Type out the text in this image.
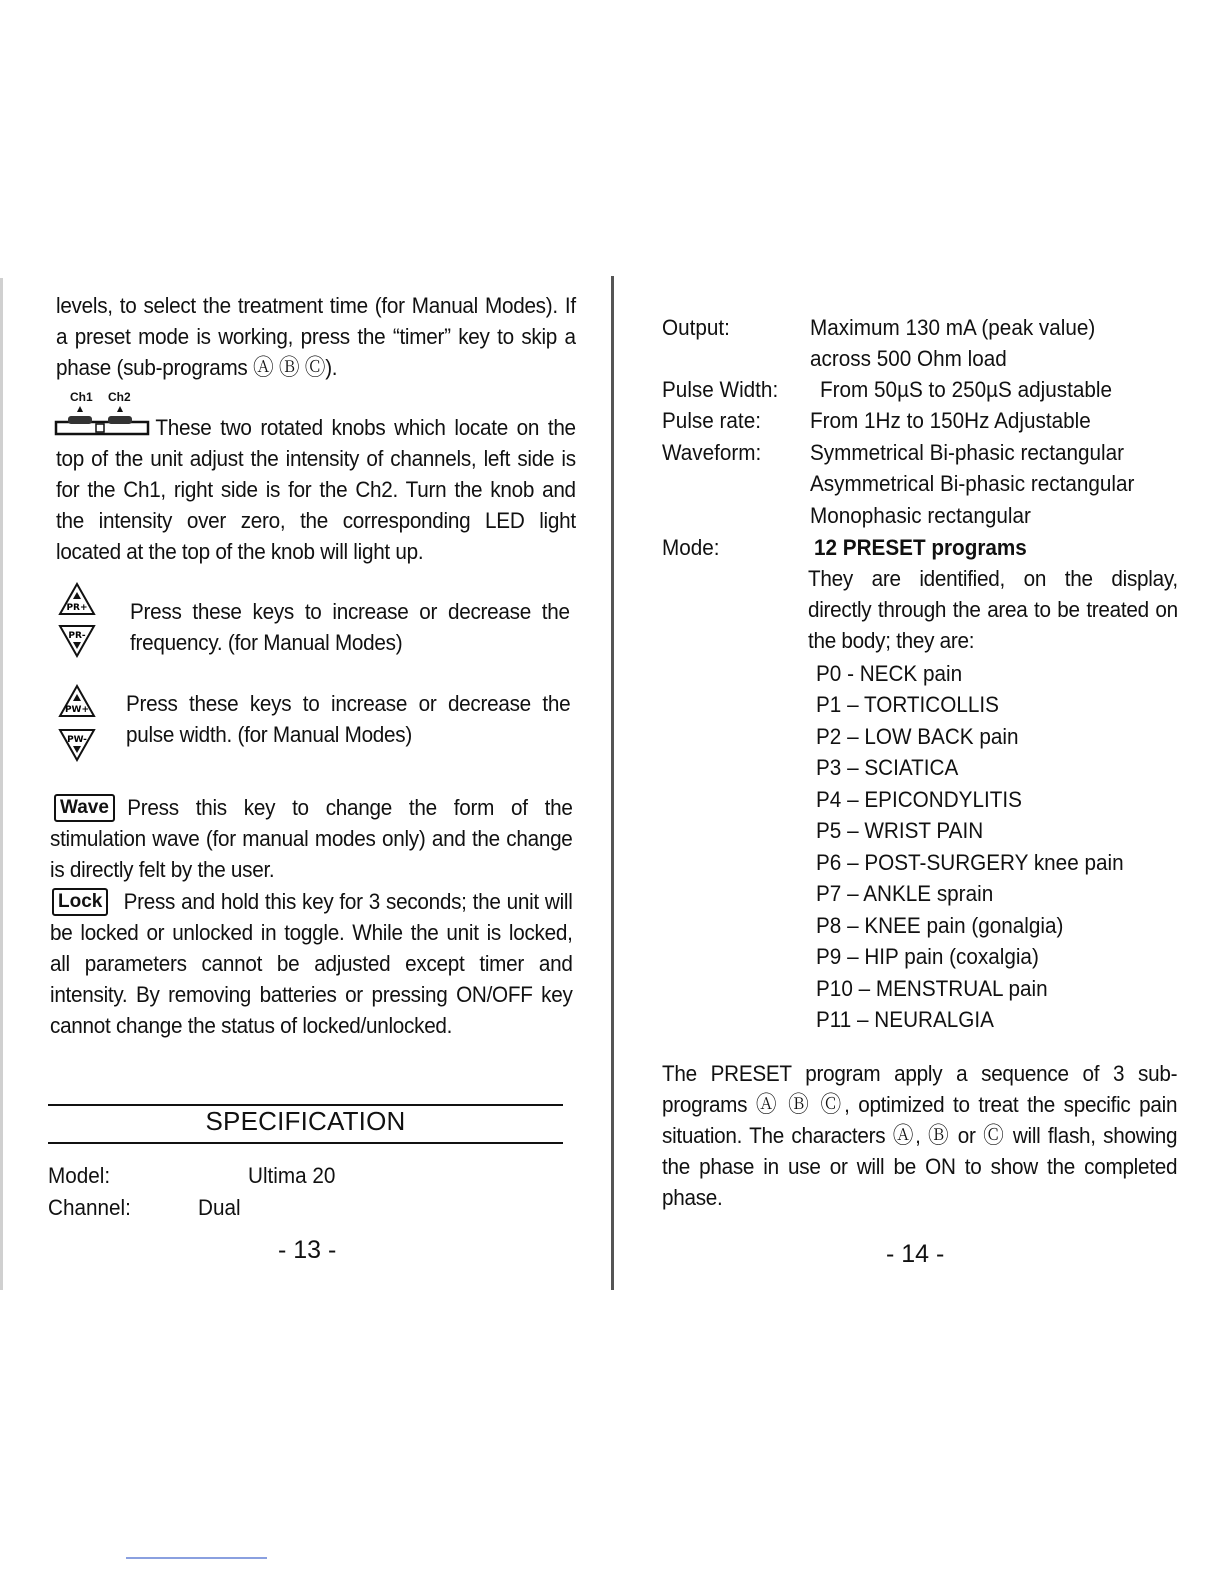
levels, to select the treatment time (for Manual Modes). If a preset mode is working, press the “timer” key to skip a phase (sub-programs Ⓐ Ⓑ Ⓒ).
Ch1 Ch2
These two rotated knobs which locate on the top of the unit adjust the intensity of channels, left side is for the Ch1, right side is for the Ch2. Turn the knob and the intensity over zero, the corresponding LED light located at the top of the knob will light up.
PR+
PR-
Press these keys to increase or decrease the frequency. (for Manual Modes)
PW+
PW-
Press these keys to increase or decrease the pulse width. (for Manual Modes)
Wave Press this key to change the form of the stimulation wave (for manual modes only) and the change is directly felt by the user.
Lock Press and hold this key for 3 seconds; the unit will be locked or unlocked in toggle. While the unit is locked, all parameters cannot be adjusted except timer and intensity. By removing batteries or pressing ON/OFF key cannot change the status of locked/unlocked.
SPECIFICATION
Model:	Ultima 20
Channel:	Dual
- 13 -
Output:	Maximum 130 mA (peak value)
across 500 Ohm load
Pulse Width: From 50µS to 250µS adjustable
Pulse rate: From 1Hz to 150Hz Adjustable
Waveform: Symmetrical Bi-phasic rectangular
Asymmetrical Bi-phasic rectangular
Monophasic rectangular
Mode:	12 PRESET programs
They are identified, on the display, directly through the area to be treated on the body; they are:
P0 - NECK pain
P1 – TORTICOLLIS
P2 – LOW BACK pain
P3 – SCIATICA
P4 – EPICONDYLITIS
P5 – WRIST PAIN
P6 – POST-SURGERY knee pain
P7 – ANKLE sprain
P8 – KNEE pain (gonalgia)
P9 – HIP pain (coxalgia)
P10 – MENSTRUAL pain
P11 – NEURALGIA
The PRESET program apply a sequence of 3 sub-programs Ⓐ Ⓑ Ⓒ, optimized to treat the specific pain situation. The characters Ⓐ, Ⓑ or Ⓒ will flash, showing the phase in use or will be ON to show the completed phase.
- 14 -
